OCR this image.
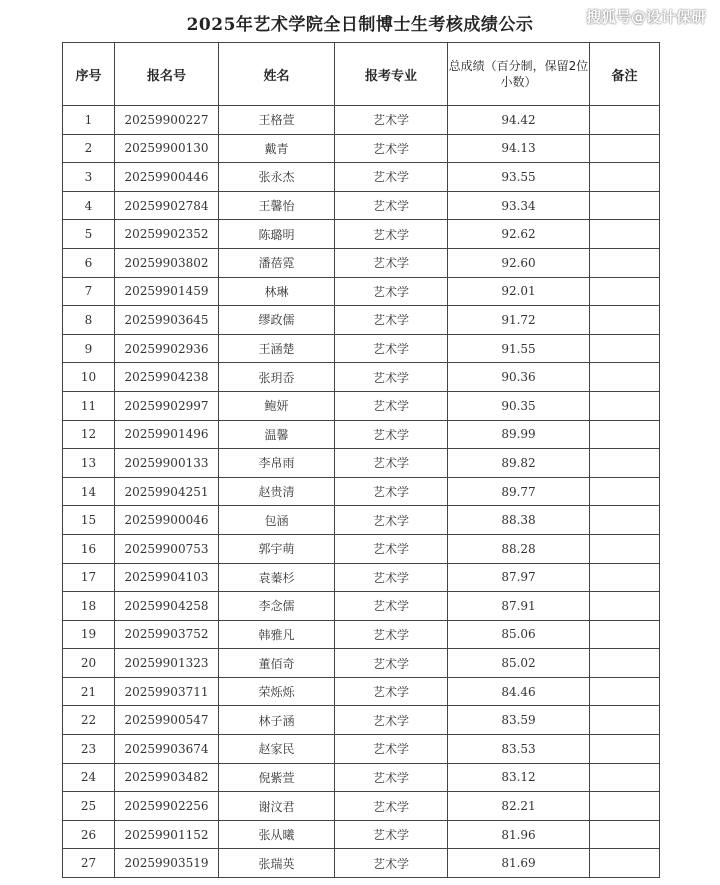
搜狐号@设计保研
2025年艺术学院全日制博士生考核成绩公示
序号	报名号	姓名	报考专业	总成绩（百分制，保留2位小数）	备注
1	20259900227	王格萱	艺术学	94.42	
2	20259900130	戴青	艺术学	94.13	
3	20259900446	张永杰	艺术学	93.55	
4	20259902784	王馨怡	艺术学	93.34	
5	20259902352	陈璐明	艺术学	92.62	
6	20259903802	潘蓓霓	艺术学	92.60	
7	20259901459	林琳	艺术学	92.01	
8	20259903645	缪政儒	艺术学	91.72	
9	20259902936	王涵楚	艺术学	91.55	
10	20259904238	张玥岙	艺术学	90.36	
11	20259902997	鲍妍	艺术学	90.35	
12	20259901496	温馨	艺术学	89.99	
13	20259900133	李帛雨	艺术学	89.82	
14	20259904251	赵贵清	艺术学	89.77	
15	20259900046	包涵	艺术学	88.38	
16	20259900753	郭宇萌	艺术学	88.28	
17	20259904103	袁蓁杉	艺术学	87.97	
18	20259904258	李念儒	艺术学	87.91	
19	20259903752	韩雅凡	艺术学	85.06	
20	20259901323	董佰奇	艺术学	85.02	
21	20259903711	荣烁烁	艺术学	84.46	
22	20259900547	林子涵	艺术学	83.59	
23	20259903674	赵家民	艺术学	83.53	
24	20259903482	倪紫萱	艺术学	83.12	
25	20259902256	谢汶君	艺术学	82.21	
26	20259901152	张从曦	艺术学	81.96	
27	20259903519	张瑞英	艺术学	81.69	
